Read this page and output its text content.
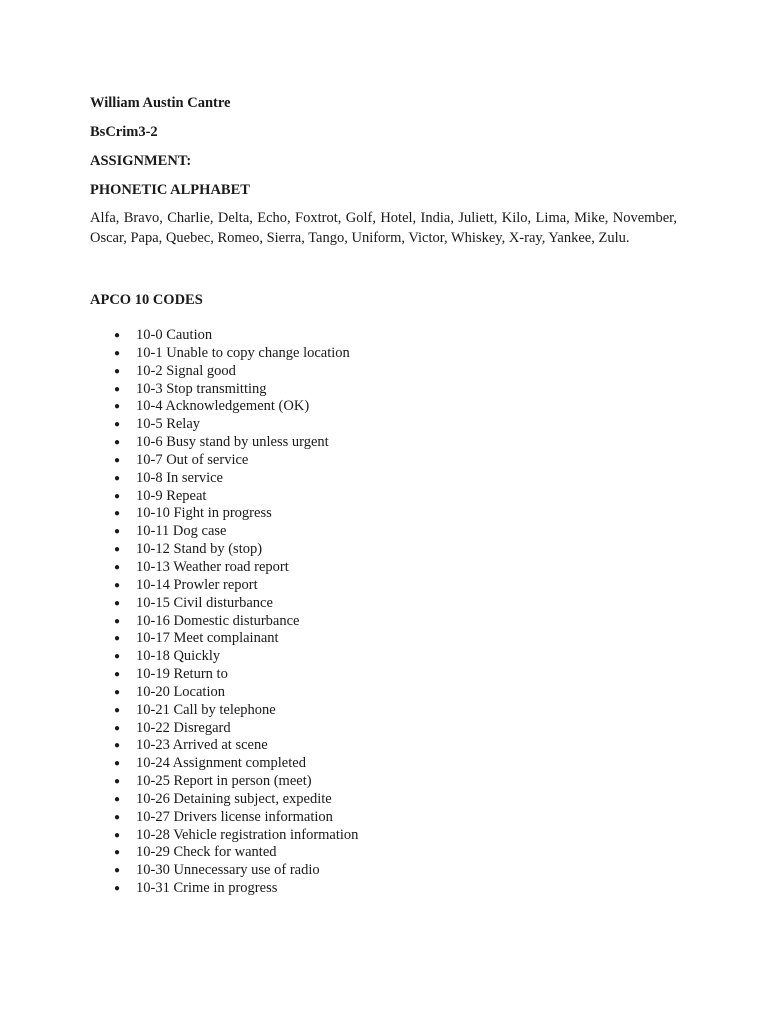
William Austin Cantre

BsCrim3-2

ASSIGNMENT:

PHONETIC ALPHABET

Alfa, Bravo, Charlie, Delta, Echo, Foxtrot, Golf, Hotel, India, Juliett, Kilo, Lima, Mike, November, Oscar, Papa, Quebec, Romeo, Sierra, Tango, Uniform, Victor, Whiskey, X-ray, Yankee, Zulu.

APCO 10 CODES

● 10-0 Caution
● 10-1 Unable to copy change location
● 10-2 Signal good
● 10-3 Stop transmitting
● 10-4 Acknowledgement (OK)
● 10-5 Relay
● 10-6 Busy stand by unless urgent
● 10-7 Out of service
● 10-8 In service
● 10-9 Repeat
● 10-10 Fight in progress
● 10-11 Dog case
● 10-12 Stand by (stop)
● 10-13 Weather road report
● 10-14 Prowler report
● 10-15 Civil disturbance
● 10-16 Domestic disturbance
● 10-17 Meet complainant
● 10-18 Quickly
● 10-19 Return to
● 10-20 Location
● 10-21 Call by telephone
● 10-22 Disregard
● 10-23 Arrived at scene
● 10-24 Assignment completed
● 10-25 Report in person (meet)
● 10-26 Detaining subject, expedite
● 10-27 Drivers license information
● 10-28 Vehicle registration information
● 10-29 Check for wanted
● 10-30 Unnecessary use of radio
● 10-31 Crime in progress
